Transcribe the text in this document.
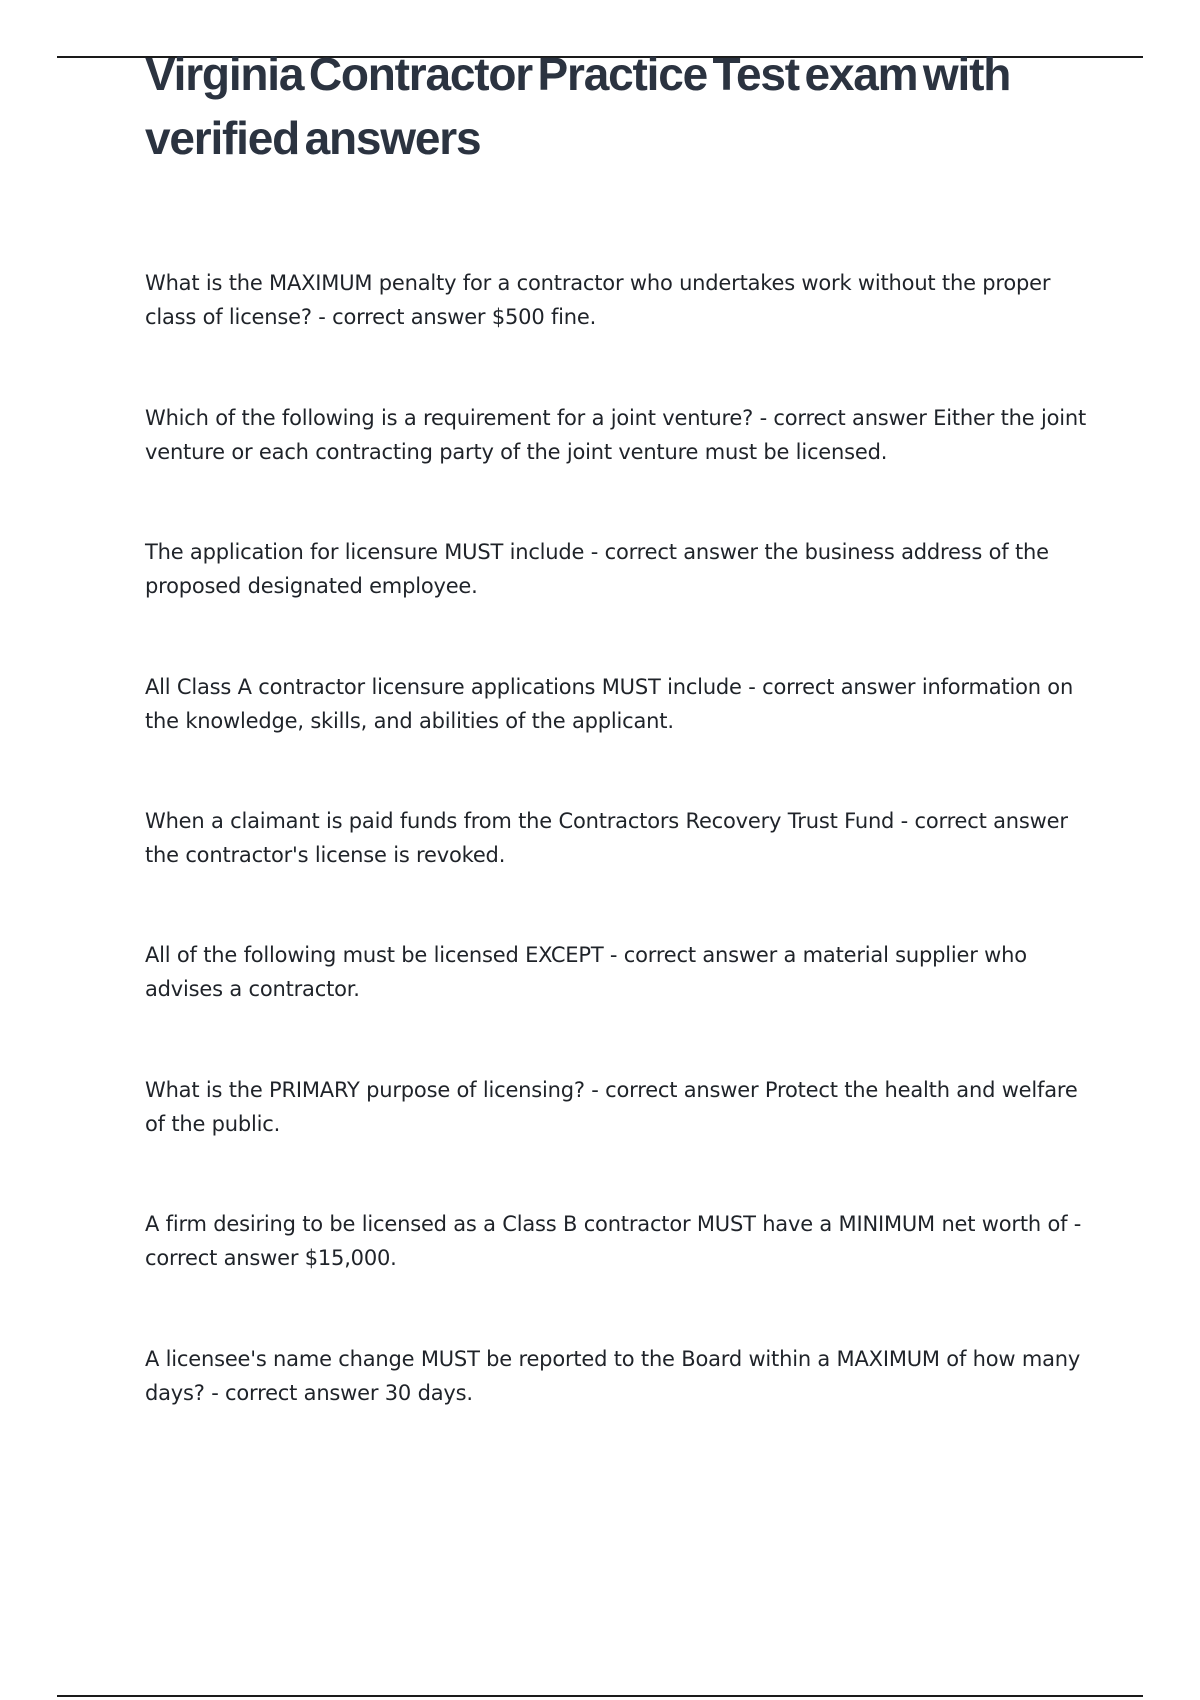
Virginia Contractor Practice Test exam with verified answers
What is the MAXIMUM penalty for a contractor who undertakes work without the proper class of license? - correct answer $500 fine.
Which of the following is a requirement for a joint venture? - correct answer Either the joint venture or each contracting party of the joint venture must be licensed.
The application for licensure MUST include - correct answer the business address of the proposed designated employee.
All Class A contractor licensure applications MUST include - correct answer information on the knowledge, skills, and abilities of the applicant.
When a claimant is paid funds from the Contractors Recovery Trust Fund - correct answer the contractor's license is revoked.
All of the following must be licensed EXCEPT - correct answer a material supplier who advises a contractor.
What is the PRIMARY purpose of licensing? - correct answer Protect the health and welfare of the public.
A firm desiring to be licensed as a Class B contractor MUST have a MINIMUM net worth of - correct answer $15,000.
A licensee's name change MUST be reported to the Board within a MAXIMUM of how many days? - correct answer 30 days.
